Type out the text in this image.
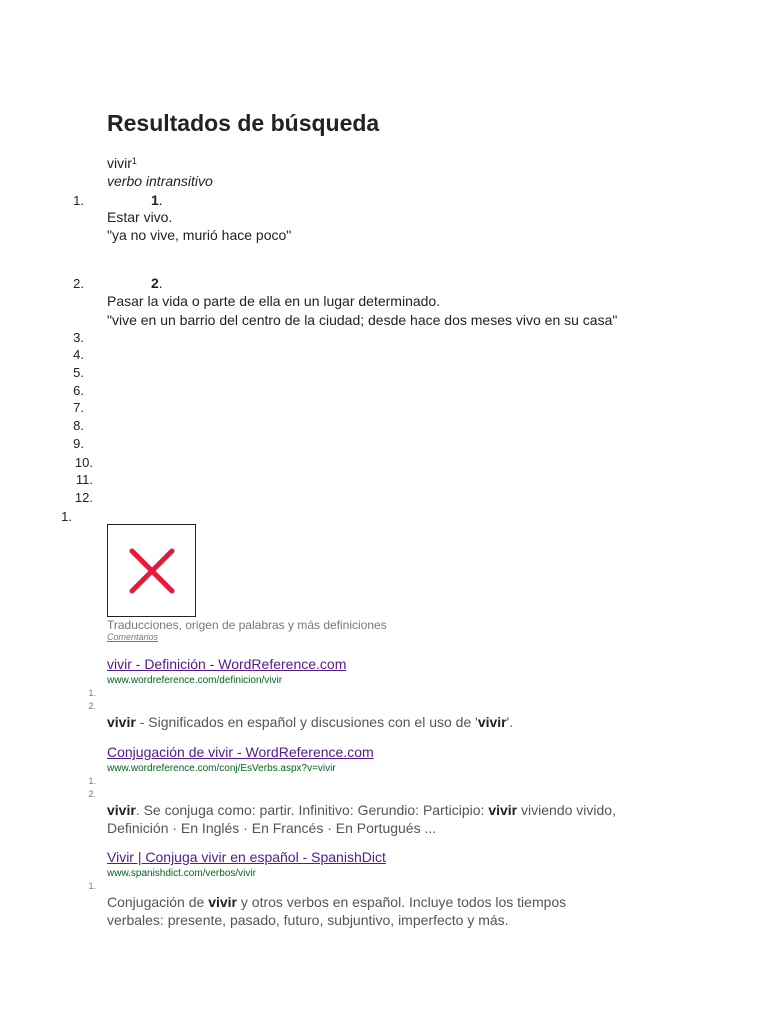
Resultados de búsqueda
vivir$^1$
verbo intransitivo
1.	1.
Estar vivo.
"ya no vive, murió hace poco"
2.	2.
Pasar la vida o parte de ella en un lugar determinado.
"vive en un barrio del centro de la ciudad; desde hace dos meses vivo en su casa"
3.
4.
5.
6.
7.
8.
9.
10.
11.
12.
1.
Traducciones, origen de palabras y más definiciones
Comentarios
vivir - Definición - WordReference.com
www.wordreference.com/definicion/vivir
1.
2.
vivir - Significados en español y discusiones con el uso de 'vivir'.
Conjugación de vivir - WordReference.com
www.wordreference.com/conj/EsVerbs.aspx?v=vivir
1.
2.
vivir. Se conjuga como: partir. Infinitivo: Gerundio: Participio: vivir viviendo vivido,
Definición · En Inglés · En Francés · En Portugués ...
Vivir | Conjuga vivir en español - SpanishDict
www.spanishdict.com/verbos/vivir
1.
Conjugación de vivir y otros verbos en español. Incluye todos los tiempos
verbales: presente, pasado, futuro, subjuntivo, imperfecto y más.
